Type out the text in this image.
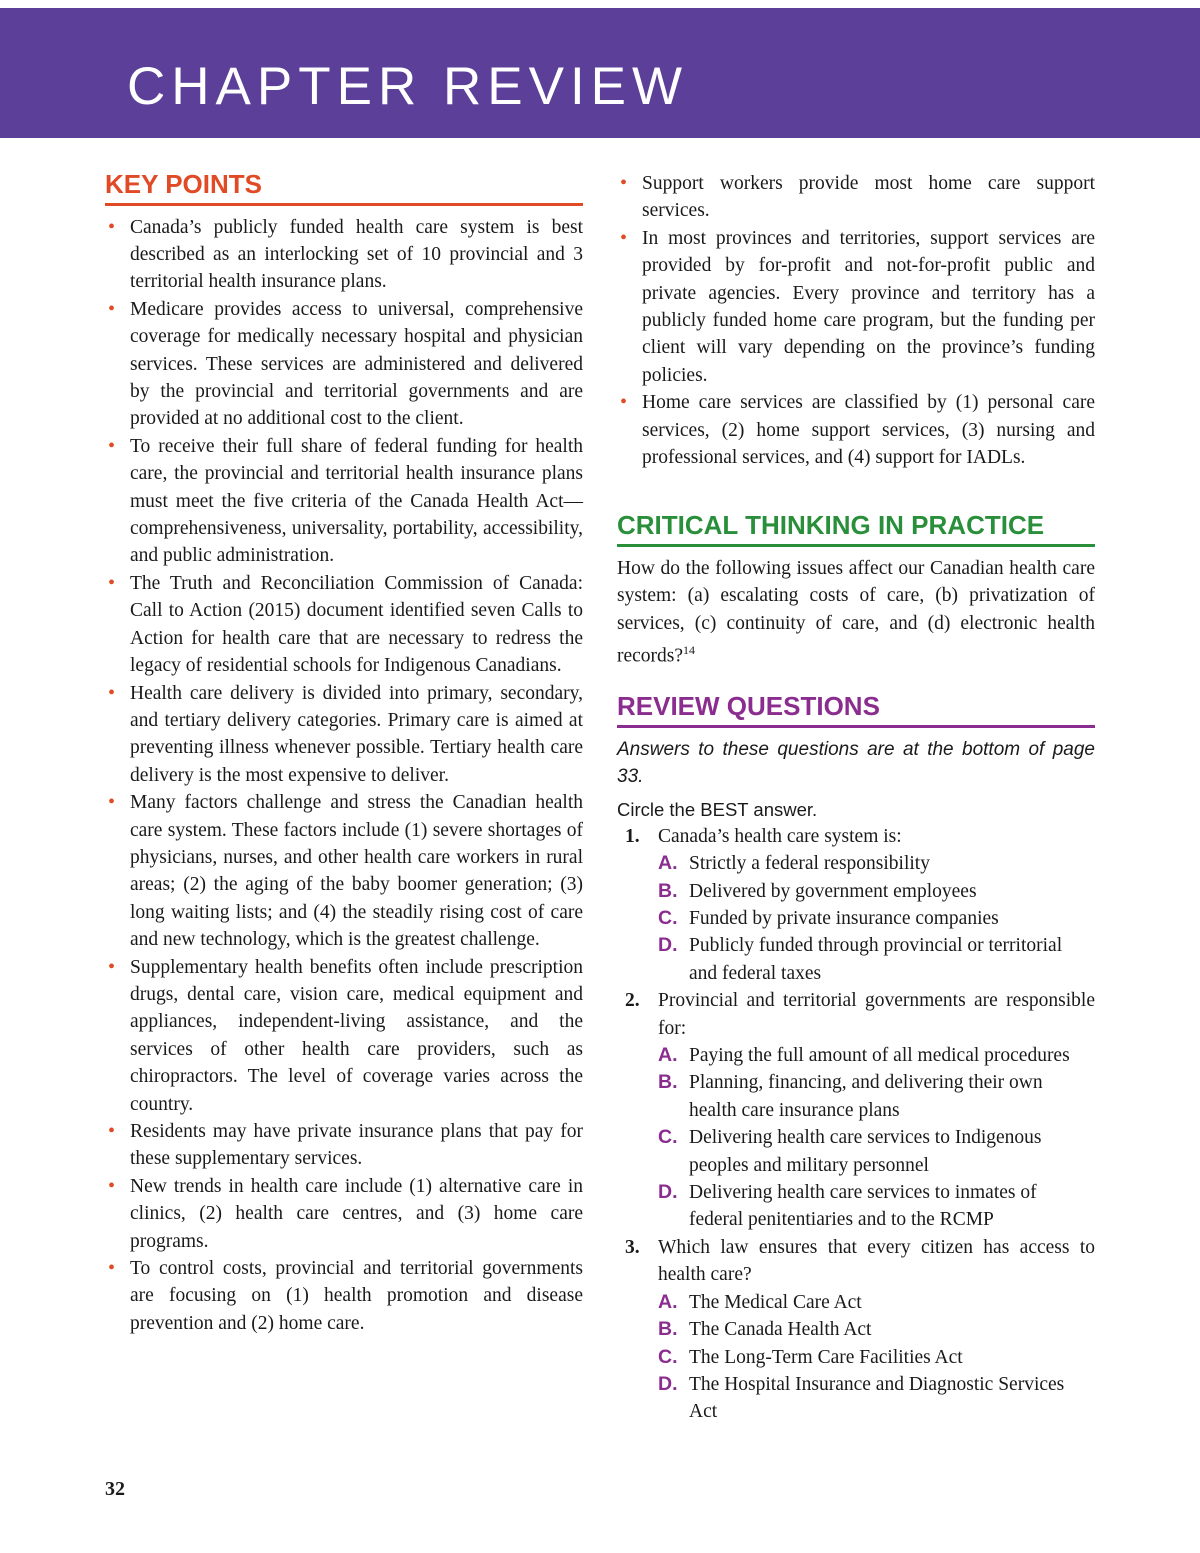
CHAPTER REVIEW
KEY POINTS
• Canada’s publicly funded health care system is best described as an interlocking set of 10 provincial and 3 territorial health insurance plans.
• Medicare provides access to universal, comprehensive coverage for medically necessary hospital and physician services. These services are administered and delivered by the provincial and territorial governments and are provided at no additional cost to the client.
• To receive their full share of federal funding for health care, the provincial and territorial health insurance plans must meet the five criteria of the Canada Health Act—comprehensiveness, universality, portability, accessibility, and public administration.
• The Truth and Reconciliation Commission of Canada: Call to Action (2015) document identified seven Calls to Action for health care that are necessary to redress the legacy of residential schools for Indigenous Canadians.
• Health care delivery is divided into primary, secondary, and tertiary delivery categories. Primary care is aimed at preventing illness whenever possible. Tertiary health care delivery is the most expensive to deliver.
• Many factors challenge and stress the Canadian health care system. These factors include (1) severe shortages of physicians, nurses, and other health care workers in rural areas; (2) the aging of the baby boomer generation; (3) long waiting lists; and (4) the steadily rising cost of care and new technology, which is the greatest challenge.
• Supplementary health benefits often include prescription drugs, dental care, vision care, medical equipment and appliances, independent-living assistance, and the services of other health care providers, such as chiropractors. The level of coverage varies across the country.
• Residents may have private insurance plans that pay for these supplementary services.
• New trends in health care include (1) alternative care in clinics, (2) health care centres, and (3) home care programs.
• To control costs, provincial and territorial governments are focusing on (1) health promotion and disease prevention and (2) home care.
• Support workers provide most home care support services.
• In most provinces and territories, support services are provided by for-profit and not-for-profit public and private agencies. Every province and territory has a publicly funded home care program, but the funding per client will vary depending on the province’s funding policies.
• Home care services are classified by (1) personal care services, (2) home support services, (3) nursing and professional services, and (4) support for IADLs.
CRITICAL THINKING IN PRACTICE

How do the following issues affect our Canadian health care system: (a) escalating costs of care, (b) privatization of services, (c) continuity of care, and (d) electronic health records?$^{14}$

REVIEW QUESTIONS

Answers to these questions are at the bottom of page 33.

Circle the BEST answer.

1. Canada’s health care system is:
A. Strictly a federal responsibility
B. Delivered by government employees
C. Funded by private insurance companies
D. Publicly funded through provincial or territorial and federal taxes
2. Provincial and territorial governments are responsible for:
A. Paying the full amount of all medical procedures
B. Planning, financing, and delivering their own health care insurance plans
C. Delivering health care services to Indigenous peoples and military personnel
D. Delivering health care services to inmates of federal penitentiaries and to the RCMP
3. Which law ensures that every citizen has access to health care?
A. The Medical Care Act
B. The Canada Health Act
C. The Long-Term Care Facilities Act
D. The Hospital Insurance and Diagnostic Services Act
32
